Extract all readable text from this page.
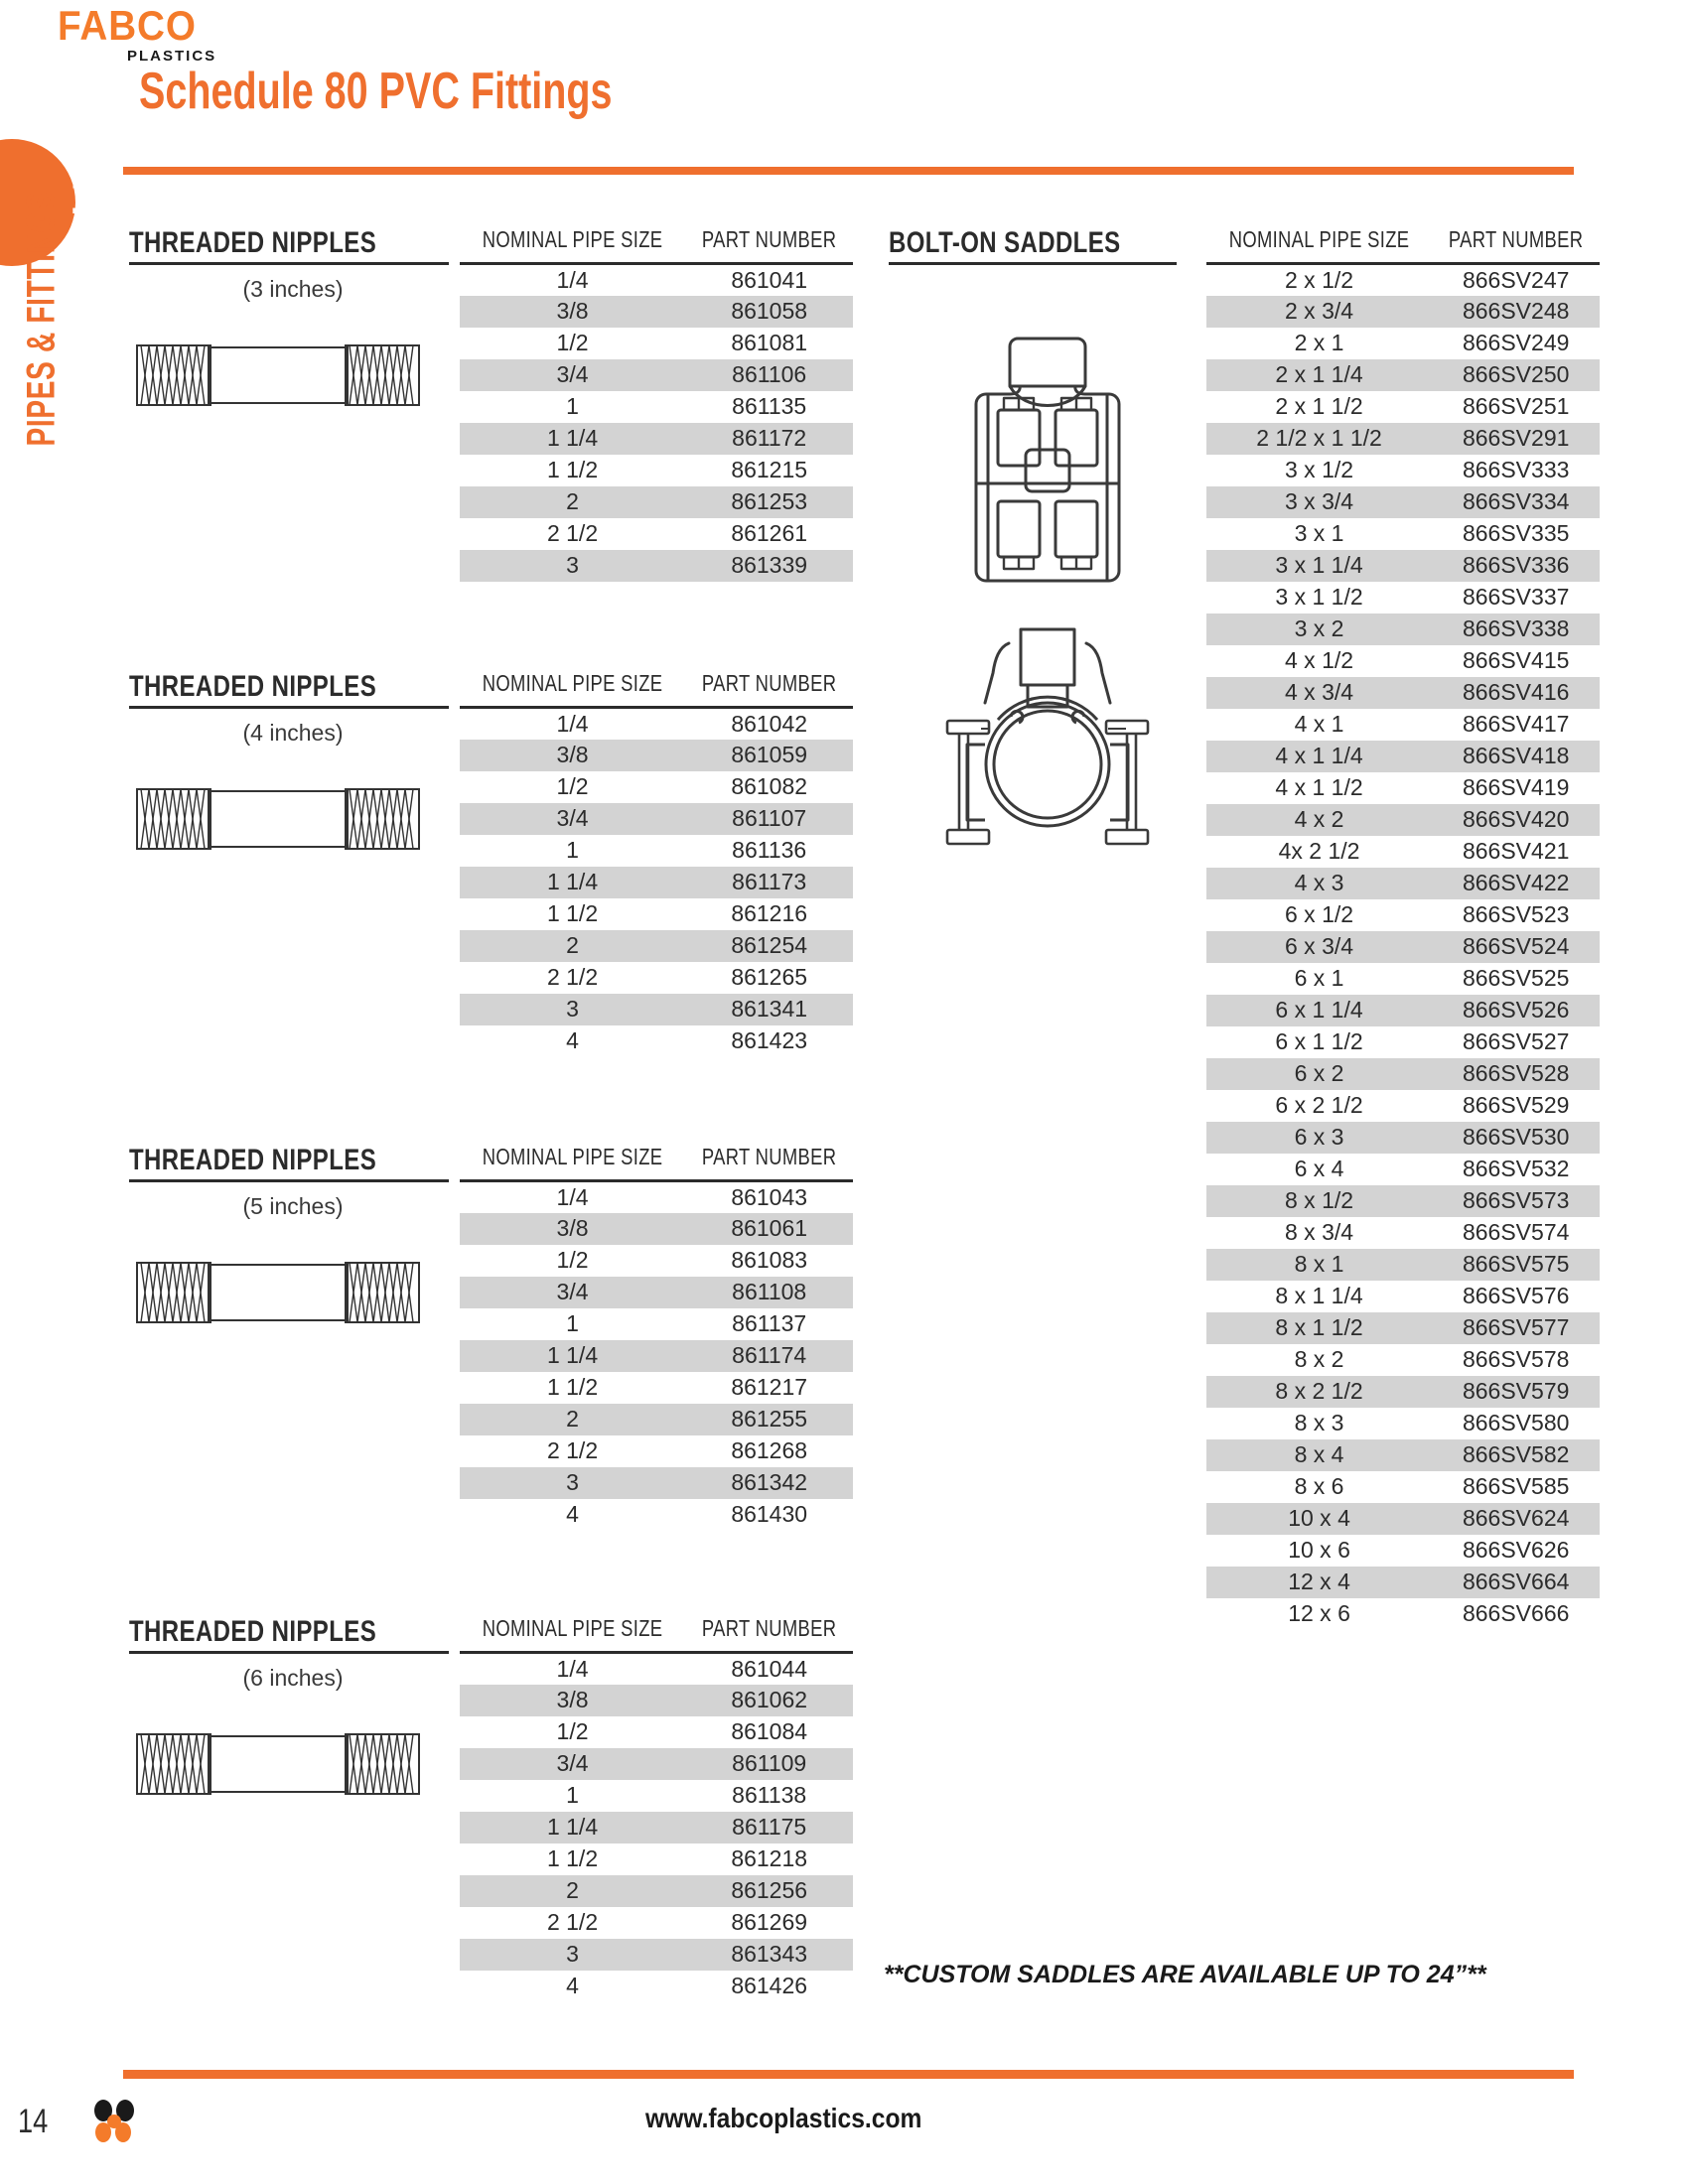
1
PIPES & FITTINGS
Schedule 80 PVC Fittings
THREADED NIPPLES
(3 inches)
NOMINAL PIPE SIZE	PART NUMBER
1/4	861041
3/8	861058
1/2	861081
3/4	861106
1	861135
1 1/4	861172
1 1/2	861215
2	861253
2 1/2	861261
3	861339
THREADED NIPPLES
(4 inches)
NOMINAL PIPE SIZE	PART NUMBER
1/4	861042
3/8	861059
1/2	861082
3/4	861107
1	861136
1 1/4	861173
1 1/2	861216
2	861254
2 1/2	861265
3	861341
4	861423
THREADED NIPPLES
(5 inches)
NOMINAL PIPE SIZE	PART NUMBER
1/4	861043
3/8	861061
1/2	861083
3/4	861108
1	861137
1 1/4	861174
1 1/2	861217
2	861255
2 1/2	861268
3	861342
4	861430
THREADED NIPPLES
(6 inches)
NOMINAL PIPE SIZE	PART NUMBER
1/4	861044
3/8	861062
1/2	861084
3/4	861109
1	861138
1 1/4	861175
1 1/2	861218
2	861256
2 1/2	861269
3	861343
4	861426
BOLT-ON SADDLES	NOMINAL PIPE SIZE	PART NUMBER
2 x 1/2	866SV247
2 x 3/4	866SV248
2 x 1	866SV249
2 x 1 1/4	866SV250
2 x 1 1/2	866SV251
2 1/2 x 1 1/2	866SV291
3 x 1/2	866SV333
3 x 3/4	866SV334
3 x 1	866SV335
3 x 1 1/4	866SV336
3 x 1 1/2	866SV337
3 x 2	866SV338
4 x 1/2	866SV415
4 x 3/4	866SV416
4 x 1	866SV417
4 x 1 1/4	866SV418
4 x 1 1/2	866SV419
4 x 2	866SV420
4x 2 1/2	866SV421
4 x 3	866SV422
6 x 1/2	866SV523
6 x 3/4	866SV524
6 x 1	866SV525
6 x 1 1/4	866SV526
6 x 1 1/2	866SV527
6 x 2	866SV528
6 x 2 1/2	866SV529
6 x 3	866SV530
6 x 4	866SV532
8 x 1/2	866SV573
8 x 3/4	866SV574
8 x 1	866SV575
8 x 1 1/4	866SV576
8 x 1 1/2	866SV577
8 x 2	866SV578
8 x 2 1/2	866SV579
8 x 3	866SV580
8 x 4	866SV582
8 x 6	866SV585
10 x 4	866SV624
10 x 6	866SV626
12 x 4	866SV664
12 x 6	866SV666
**CUSTOM SADDLES ARE AVAILABLE UP TO 24”**
14
FABCO
PLASTICS
www.fabcoplastics.com
